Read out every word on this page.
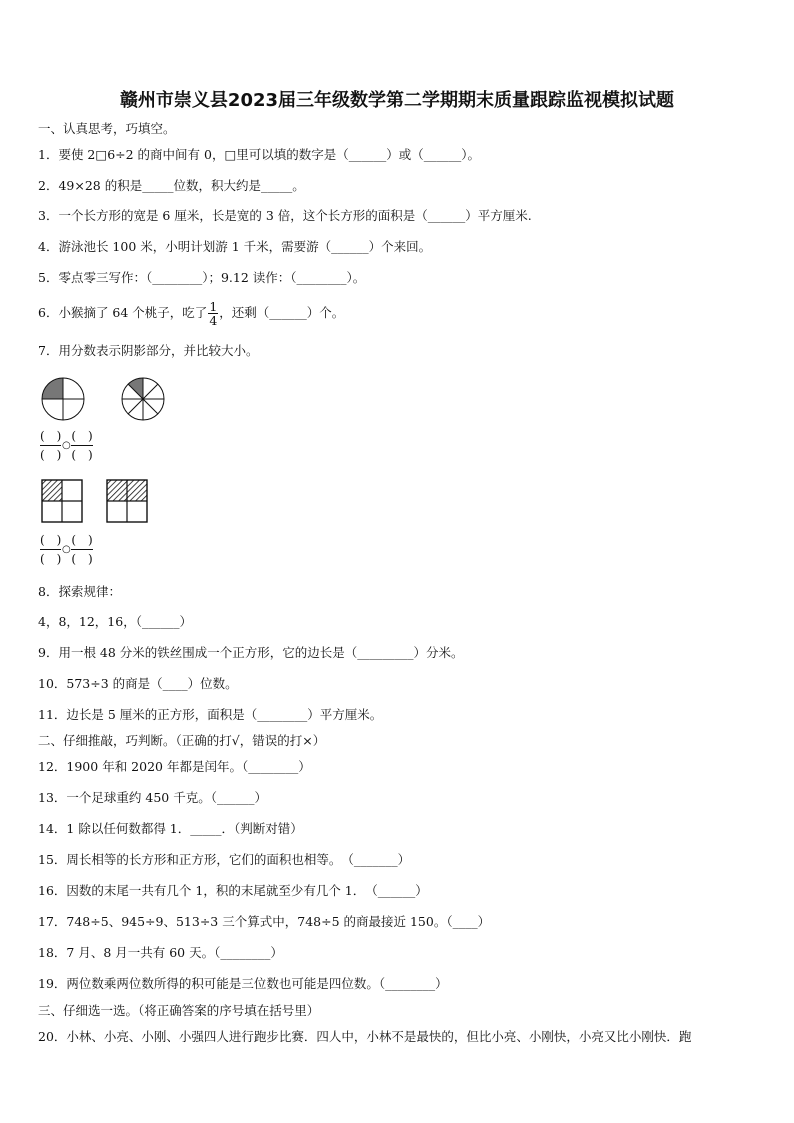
赣州市崇义县2023届三年级数学第二学期期末质量跟踪监视模拟试题
一、认真思考，巧填空。
1．要使 2□6÷2 的商中间有 0，□里可以填的数字是（______）或（______）。
2．49×28 的积是_____位数，积大约是_____。
3．一个长方形的宽是 6 厘米，长是宽的 3 倍，这个长方形的面积是（______）平方厘米.
4．游泳池长 100 米，小明计划游 1 千米，需要游（______）个来回。
5．零点零三写作：（________）；9.12 读作：（________）。
6．小猴摘了 64 个桃子，吃了 $\frac{1}{4}$ ，还剩（______）个。
7．用分数表示阴影部分，并比较大小。
(　)
(　)
○
(　)
(　)
(　)
(　)
○
(　)
(　)
8．探索规律：
4，8，12，16，（______）
9．用一根 48 分米的铁丝围成一个正方形，它的边长是（_________）分米。
10．573÷3 的商是（____）位数。
11．边长是 5 厘米的正方形，面积是（________）平方厘米。
二、仔细推敲，巧判断。（正确的打√，错误的打×）
12．1900 年和 2020 年都是闰年。（________）
13．一个足球重约 450 千克。（______）
14．1 除以任何数都得 1．_____．（判断对错）
15．周长相等的长方形和正方形，它们的面积也相等。　（_______）
16．因数的末尾一共有几个 1，积的末尾就至少有几个 1．　（______）
17．748÷5、945÷9、513÷3 三个算式中，748÷5 的商最接近 150。（____）
18．7 月、8 月一共有 60 天。（________）
19．两位数乘两位数所得的积可能是三位数也可能是四位数。（________）
三、仔细选一选。（将正确答案的序号填在括号里）
20．小林、小亮、小刚、小强四人进行跑步比赛．四人中，小林不是最快的，但比小亮、小刚快，小亮又比小刚快．跑
